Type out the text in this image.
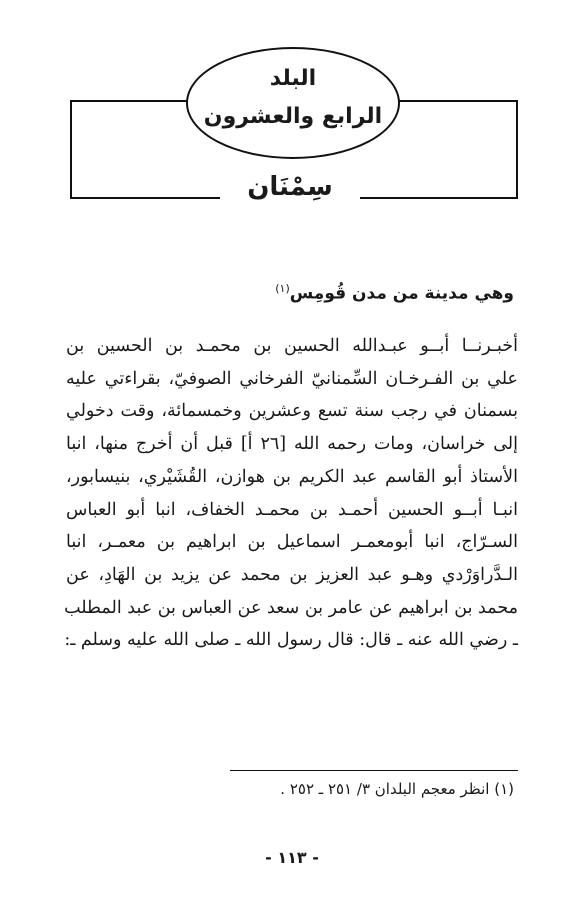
البلد
الرابع والعشرون
سِمْنَان
وهي مدينة من مدن قُومِس$^{(١)}$
أخبـرنــا أبــو عبـدالله الحسين بن محمـد بن الحسين بن
علي بن الفـرخـان السِّمنانيّ الفرخاني الصوفيّ، بقراءتي عليه
بسمنان في رجب سنة تسع وعشرين وخمسمائة، وقت دخولي
إلى خراسان، ومات رحمه الله [٢٦ أ] قبل أن أخرج منها، انبا
الأستاذ أبو القاسم عبد الكريم بن هوازن، القُشَيْري، بنيسابور،
انبـا أبــو الحسين أحمـد بن محمـد الخفاف، انبا أبو العباس
السـرّاج، انبا أبومعمـر اسماعيل بن ابراهيم بن معمـر، انبا
الـدَّراوَرْدي وهـو عبد العزيز بن محمد عن يزيد بن الهَادِ، عن
محمد بن ابراهيم عن عامر بن سعد عن العباس بن عبد المطلب
ـ رضي الله عنه ـ قال: قال رسول الله ـ صلى الله عليه وسلم ـ:
(١) انظر معجم البلدان ٣/ ٢٥١ ـ ٢٥٢ .
- ١١٣ -
